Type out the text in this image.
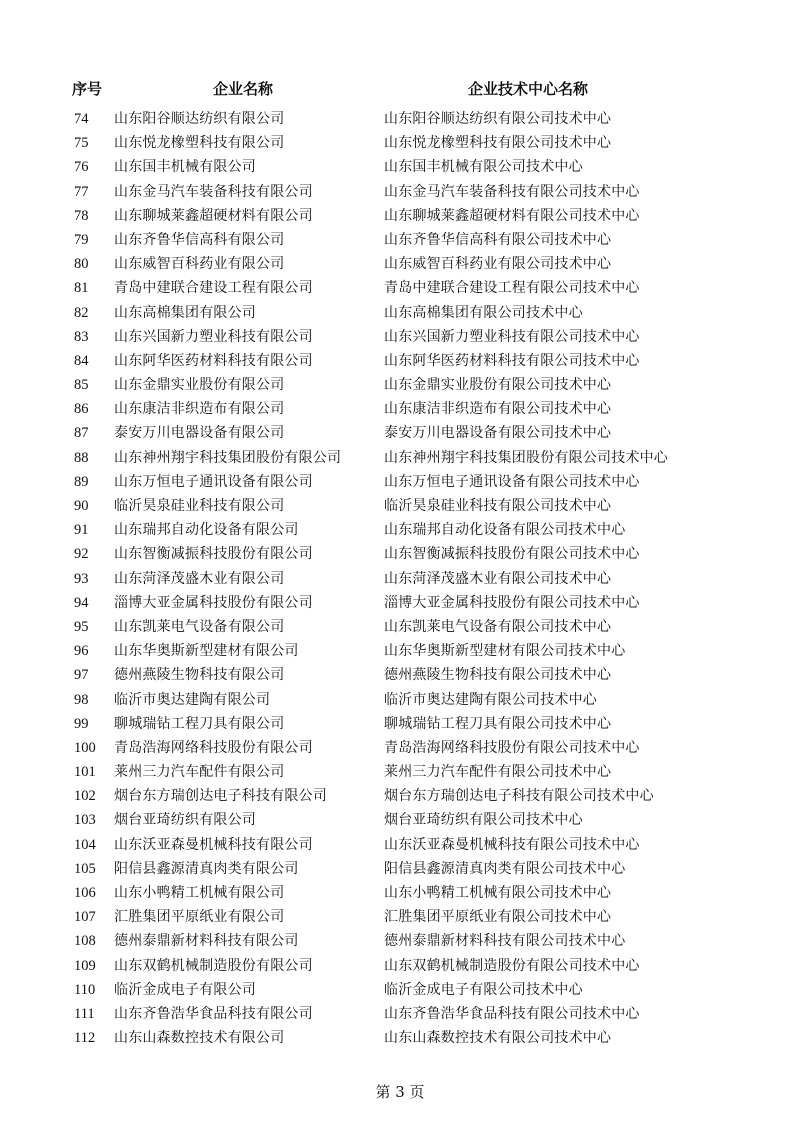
序号	企业名称	企业技术中心名称
74 山东阳谷顺达纺织有限公司	山东阳谷顺达纺织有限公司技术中心
75 山东悦龙橡塑科技有限公司	山东悦龙橡塑科技有限公司技术中心
76 山东国丰机械有限公司	山东国丰机械有限公司技术中心
77 山东金马汽车装备科技有限公司	山东金马汽车装备科技有限公司技术中心
78 山东聊城莱鑫超硬材料有限公司	山东聊城莱鑫超硬材料有限公司技术中心
79 山东齐鲁华信高科有限公司	山东齐鲁华信高科有限公司技术中心
80 山东威智百科药业有限公司	山东威智百科药业有限公司技术中心
81 青岛中建联合建设工程有限公司	青岛中建联合建设工程有限公司技术中心
82 山东高棉集团有限公司	山东高棉集团有限公司技术中心
83 山东兴国新力塑业科技有限公司	山东兴国新力塑业科技有限公司技术中心
84 山东阿华医药材料科技有限公司	山东阿华医药材料科技有限公司技术中心
85 山东金鼎实业股份有限公司	山东金鼎实业股份有限公司技术中心
86 山东康洁非织造布有限公司	山东康洁非织造布有限公司技术中心
87 泰安万川电器设备有限公司	泰安万川电器设备有限公司技术中心
88 山东神州翔宇科技集团股份有限公司	山东神州翔宇科技集团股份有限公司技术中心
89 山东万恒电子通讯设备有限公司	山东万恒电子通讯设备有限公司技术中心
90 临沂昊泉硅业科技有限公司	临沂昊泉硅业科技有限公司技术中心
91 山东瑞邦自动化设备有限公司	山东瑞邦自动化设备有限公司技术中心
92 山东智衡减振科技股份有限公司	山东智衡减振科技股份有限公司技术中心
93 山东菏泽茂盛木业有限公司	山东菏泽茂盛木业有限公司技术中心
94 淄博大亚金属科技股份有限公司	淄博大亚金属科技股份有限公司技术中心
95 山东凯莱电气设备有限公司	山东凯莱电气设备有限公司技术中心
96 山东华奥斯新型建材有限公司	山东华奥斯新型建材有限公司技术中心
97 德州燕陵生物科技有限公司	德州燕陵生物科技有限公司技术中心
98 临沂市奥达建陶有限公司	临沂市奥达建陶有限公司技术中心
99 聊城瑞钻工程刀具有限公司	聊城瑞钻工程刀具有限公司技术中心
100 青岛浩海网络科技股份有限公司	青岛浩海网络科技股份有限公司技术中心
101 莱州三力汽车配件有限公司	莱州三力汽车配件有限公司技术中心
102 烟台东方瑞创达电子科技有限公司	烟台东方瑞创达电子科技有限公司技术中心
103 烟台亚琦纺织有限公司	烟台亚琦纺织有限公司技术中心
104 山东沃亚森曼机械科技有限公司	山东沃亚森曼机械科技有限公司技术中心
105 阳信县鑫源清真肉类有限公司	阳信县鑫源清真肉类有限公司技术中心
106 山东小鸭精工机械有限公司	山东小鸭精工机械有限公司技术中心
107 汇胜集团平原纸业有限公司	汇胜集团平原纸业有限公司技术中心
108 德州泰鼎新材料科技有限公司	德州泰鼎新材料科技有限公司技术中心
109 山东双鹤机械制造股份有限公司	山东双鹤机械制造股份有限公司技术中心
110 临沂金成电子有限公司	临沂金成电子有限公司技术中心
111 山东齐鲁浩华食品科技有限公司	山东齐鲁浩华食品科技有限公司技术中心
112 山东山森数控技术有限公司	山东山森数控技术有限公司技术中心
第 3 页
